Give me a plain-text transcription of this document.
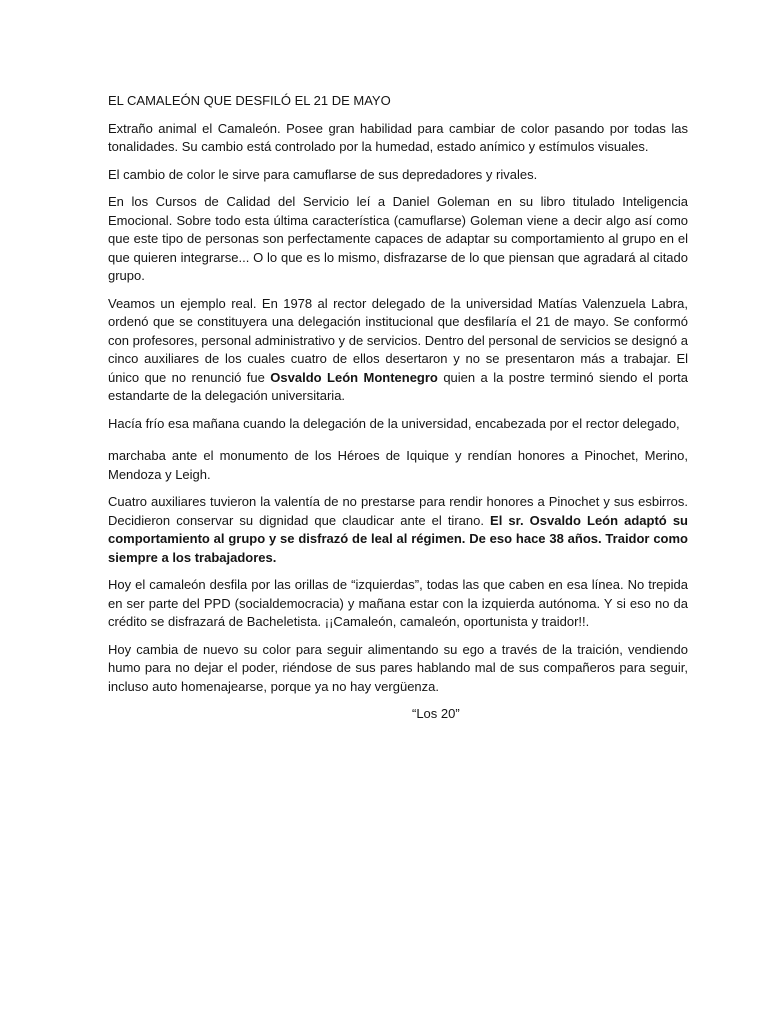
EL CAMALEÓN QUE DESFILÓ EL 21 DE MAYO

Extraño animal el Camaleón. Posee gran habilidad para cambiar de color pasando por todas las tonalidades. Su cambio está controlado por la humedad, estado anímico y estímulos visuales.

El cambio de color le sirve para camuflarse de sus depredadores y rivales.

En los Cursos de Calidad del Servicio leí a Daniel Goleman en su libro titulado Inteligencia Emocional. Sobre todo esta última característica (camuflarse) Goleman viene a decir algo así como que este tipo de personas son perfectamente capaces de adaptar su comportamiento al grupo en el que quieren integrarse... O lo que es lo mismo, disfrazarse de lo que piensan que agradará al citado grupo.

Veamos un ejemplo real. En 1978 al rector delegado de la universidad Matías Valenzuela Labra, ordenó que se constituyera una delegación institucional que desfilaría el 21 de mayo. Se conformó con profesores, personal administrativo y de servicios. Dentro del personal de servicios se designó a cinco auxiliares de los cuales cuatro de ellos desertaron y no se presentaron más a trabajar. El único que no renunció fue Osvaldo León Montenegro quien a la postre terminó siendo el porta estandarte de la delegación universitaria.

Hacía frío esa mañana cuando la delegación de la universidad, encabezada por el rector delegado,

marchaba ante el monumento de los Héroes de Iquique y rendían honores a Pinochet, Merino, Mendoza y Leigh.

Cuatro auxiliares tuvieron la valentía de no prestarse para rendir honores a Pinochet y sus esbirros. Decidieron conservar su dignidad que claudicar ante el tirano. El sr. Osvaldo León adaptó su comportamiento al grupo y se disfrazó de leal al régimen. De eso hace 38 años. Traidor como siempre a los trabajadores.

Hoy el camaleón desfila por las orillas de “izquierdas”, todas las que caben en esa línea. No trepida en ser parte del PPD (socialdemocracia) y mañana estar con la izquierda autónoma. Y si eso no da crédito se disfrazará de Bacheletista. ¡¡Camaleón, camaleón, oportunista y traidor!!.

Hoy cambia de nuevo su color para seguir alimentando su ego a través de la traición, vendiendo humo para no dejar el poder, riéndose de sus pares hablando mal de sus compañeros para seguir, incluso auto homenajearse, porque ya no hay vergüenza.

“Los 20”
